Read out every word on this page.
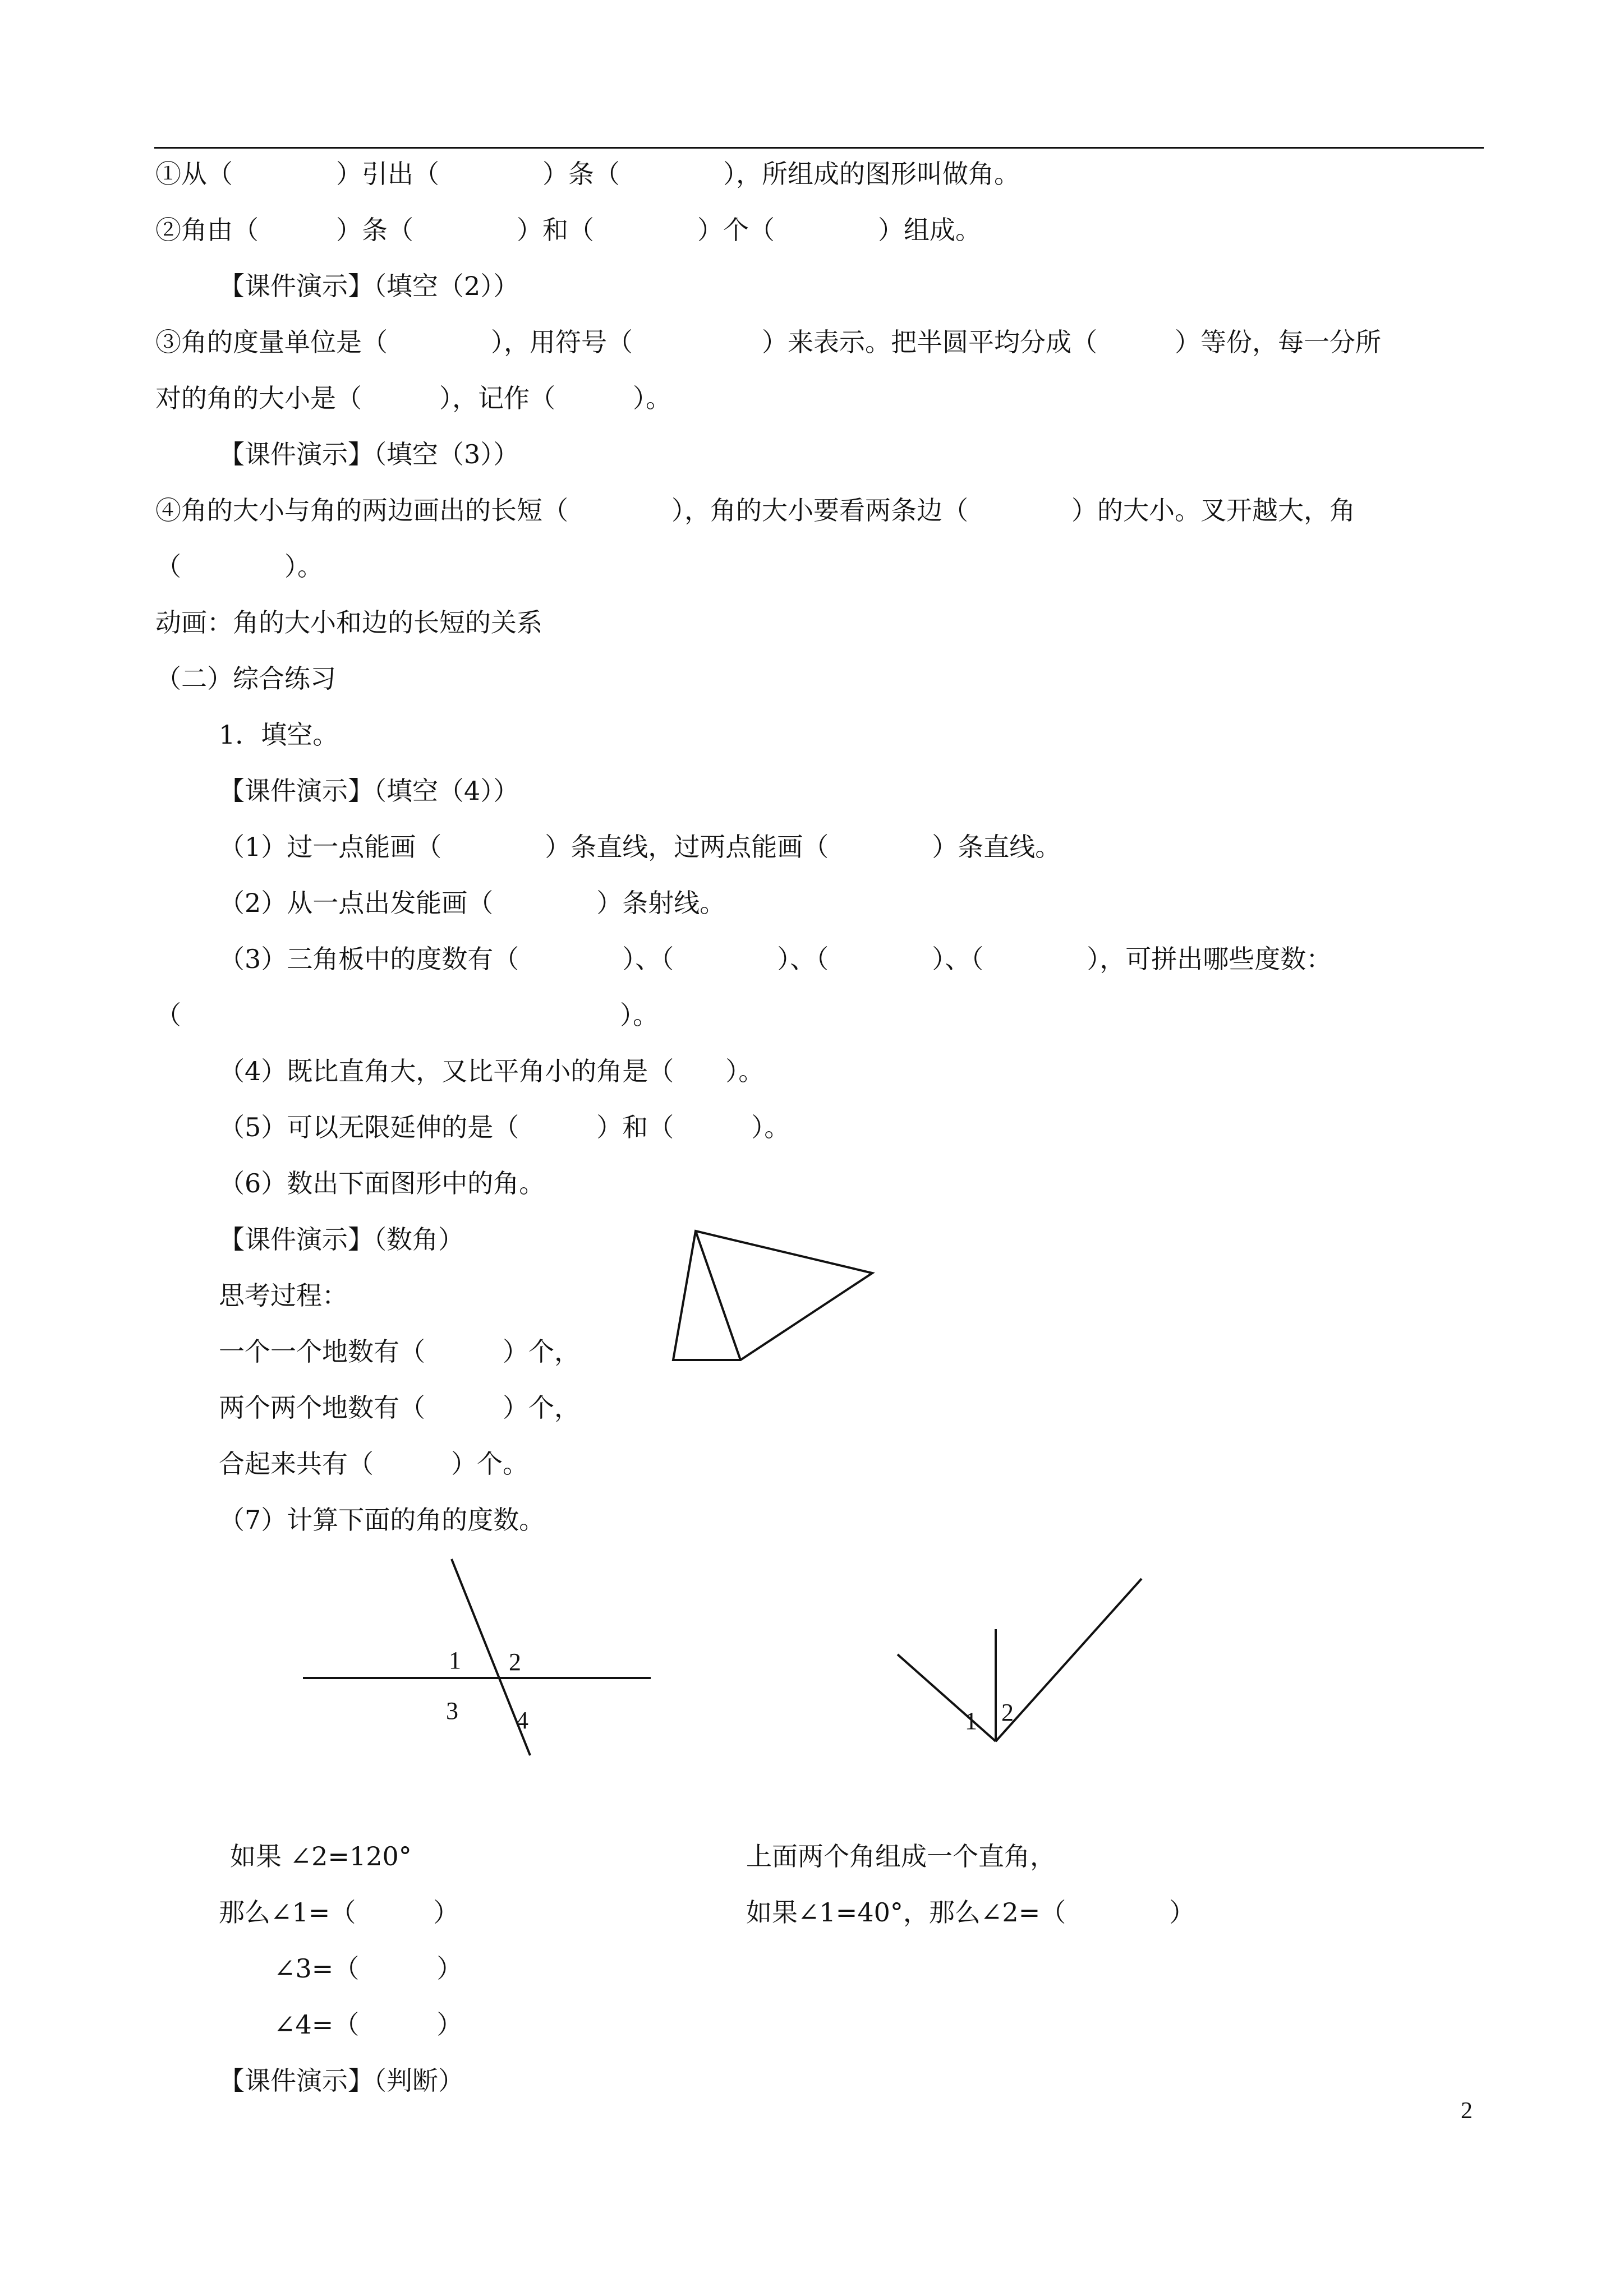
①从（　　　　）引出（　　　　）条（　　　　），所组成的图形叫做角。
②角由（　　　）条（　　　　）和（　　　　）个（　　　　）组成。
【课件演示】（填空（2））
③角的度量单位是（　　　　），用符号（　　　　　）来表示。把半圆平均分成（　　　）等份，每一分所
对的角的大小是（　　　），记作（　　　）。
【课件演示】（填空（3））
④角的大小与角的两边画出的长短（　　　　），角的大小要看两条边（　　　　）的大小。叉开越大，角
（　　　　）。
动画：角的大小和边的长短的关系
（二）综合练习
1．填空。
【课件演示】（填空（4））
（1）过一点能画（　　　　）条直线，过两点能画（　　　　）条直线。
（2）从一点出发能画（　　　　）条射线。
（3）三角板中的度数有（　　　　）、（　　　　）、（　　　　）、（　　　　），可拼出哪些度数：
（　　　　　　　　　　　　　　　　　）。
（4）既比直角大，又比平角小的角是（　　）。
（5）可以无限延伸的是（　　　）和（　　　）。
（6）数出下面图形中的角。
【课件演示】（数角）
思考过程：
一个一个地数有（　　　）个，
两个两个地数有（　　　）个，
合起来共有（　　　）个。
（7）计算下面的角的度数。
1 2
3 4	1 2
如果 ∠2=120°
那么∠1=（　　　）
∠3=（　　　）
∠4=（　　　）
【课件演示】（判断）
上面两个角组成一个直角，
如果∠1=40°，那么∠2=（　　　　）
2
